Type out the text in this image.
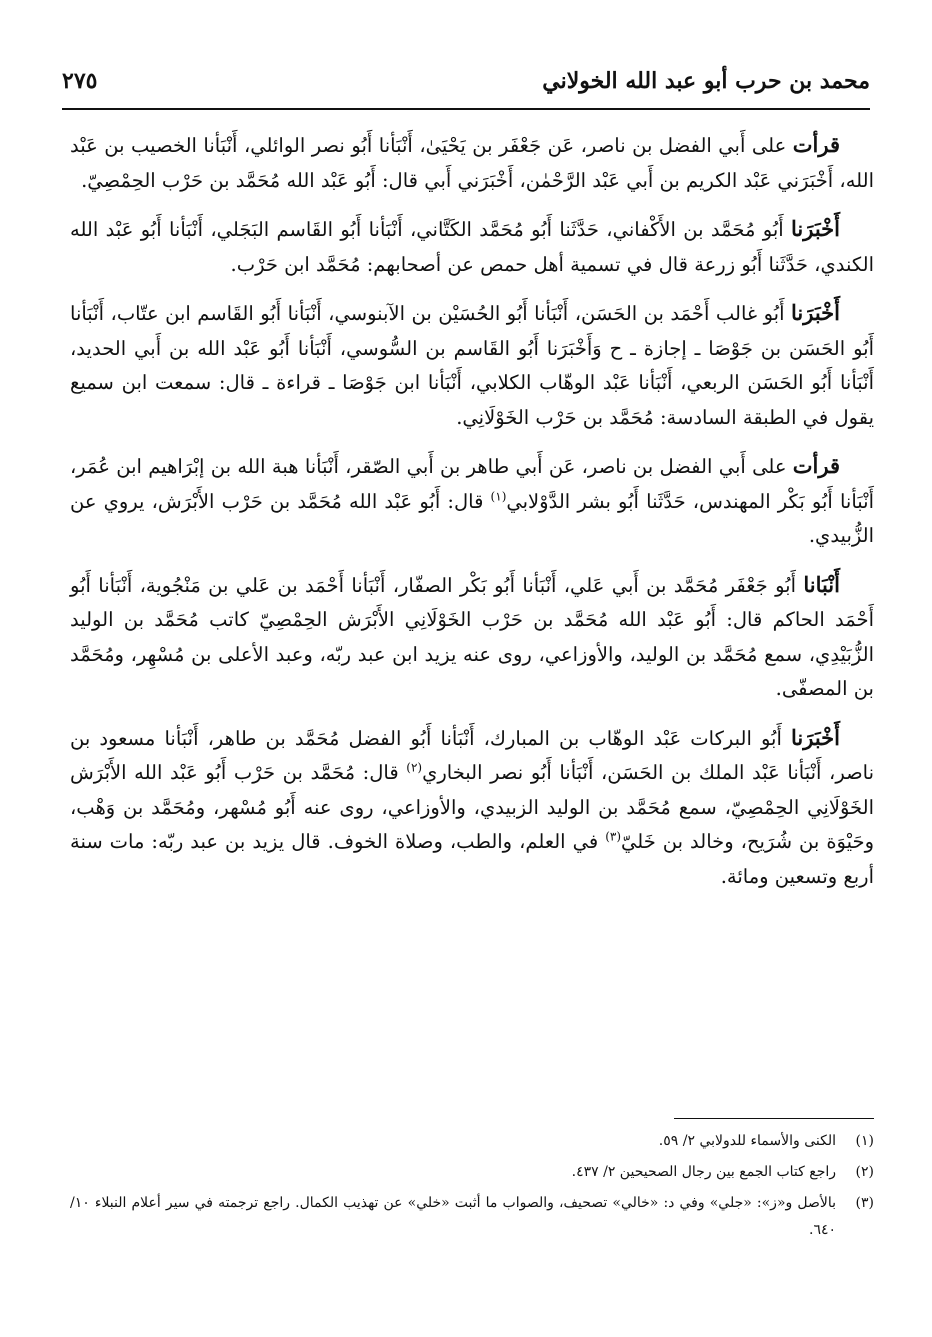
محمد بن حرب أبو عبد الله الخولاني
٢٧٥

قرأت على أَبي الفضل بن ناصر، عَن جَعْفَر بن يَحْيَىٰ، أَنْبَأنا أَبُو نصر الوائلي، أَنْبَأنا الخصيب بن عَبْد الله، أَخْبَرَني عَبْد الكريم بن أَبي عَبْد الرَّحْمٰن، أَخْبَرَني أَبي قال: أَبُو عَبْد الله مُحَمَّد بن حَرْب الحِمْصِيّ.

أَخْبَرَنا أَبُو مُحَمَّد بن الأَكْفاني، حَدَّثَنا أَبُو مُحَمَّد الكَتَّاني، أَنْبَأنا أَبُو القَاسم البَجَلي، أَنْبَأنا أَبُو عَبْد الله الكندي، حَدَّثَنا أَبُو زرعة قال في تسمية أهل حمص عن أصحابهم: مُحَمَّد ابن حَرْب.

أَخْبَرَنا أَبُو غالب أَحْمَد بن الحَسَن، أَنْبَأنا أَبُو الحُسَيْن بن الآبنوسي، أَنْبَأنا أَبُو القَاسم ابن عتّاب، أَنْبَأنا أَبُو الحَسَن بن جَوْصَا ـ إجازة ـ ح وَأَخْبَرَنا أَبُو القَاسم بن السُّوسي، أَنْبَأنا أَبُو عَبْد الله بن أَبي الحديد، أَنْبَأنا أَبُو الحَسَن الربعي، أَنْبَأنا عَبْد الوهّاب الكلابي، أَنْبَأنا ابن جَوْصَا ـ قراءة ـ قال: سمعت ابن سميع يقول في الطبقة السادسة: مُحَمَّد بن حَرْب الخَوْلَانِي.

قرأت على أَبي الفضل بن ناصر، عَن أَبي طاهر بن أَبي الصّقر، أَنْبَأنا هبة الله بن إبْرَاهيم ابن عُمَر، أَنْبَأنا أَبُو بَكْر المهندس، حَدَّثَنا أَبُو بشر الدَّوْلابي$^{(١)}$ قال: أَبُو عَبْد الله مُحَمَّد بن حَرْب الأَبْرَش، يروي عن الزُّبيدي.

أَنْبَانا أَبُو جَعْفَر مُحَمَّد بن أَبي عَلي، أَنْبَأنا أَبُو بَكْر الصفّار، أَنْبَأنا أَحْمَد بن عَلي بن مَنْجُوية، أَنْبَأنا أَبُو أَحْمَد الحاكم قال: أَبُو عَبْد الله مُحَمَّد بن حَرْب الخَوْلَانِي الأَبْرَش الحِمْصِيّ كاتب مُحَمَّد بن الوليد الزُّبَيْدِي، سمع مُحَمَّد بن الوليد، والأوزاعي، روى عنه يزيد ابن عبد ربّه، وعبد الأعلى بن مُسْهِر، ومُحَمَّد بن المصفّى.

أَخْبَرَنا أَبُو البركات عَبْد الوهّاب بن المبارك، أَنْبَأنا أَبُو الفضل مُحَمَّد بن طاهر، أَنْبَأنا مسعود بن ناصر، أَنْبَأنا عَبْد الملك بن الحَسَن، أَنْبَأنا أَبُو نصر البخاري$^{(٢)}$ قال: مُحَمَّد بن حَرْب أَبُو عَبْد الله الأَبْرَش الخَوْلَانِي الحِمْصِيّ، سمع مُحَمَّد بن الوليد الزبيدي، والأوزاعي، روى عنه أَبُو مُسْهر، ومُحَمَّد بن وَهْب، وحَيْوَة بن شُرَيح، وخالد بن خَليّ$^{(٣)}$ في العلم، والطب، وصلاة الخوف. قال يزيد بن عبد ربّه: مات سنة أربع وتسعين ومائة.

(١)
الكنى والأسماء للدولابي ٢/ ٥٩.
(٢)
راجع كتاب الجمع بين رجال الصحيحين ٢/ ٤٣٧.
(٣)
بالأصل و«ز»: «جلي» وفي د: «خالي» تصحيف، والصواب ما أثبت «خلي» عن تهذيب الكمال. راجع ترجمته في سير أعلام النبلاء ١٠/ ٦٤٠.
